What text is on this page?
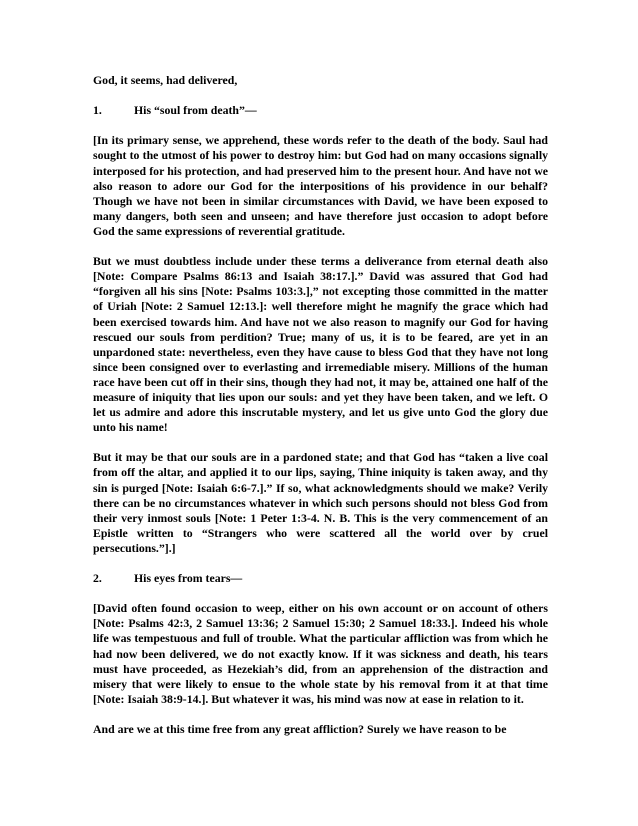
God, it seems, had delivered,

1.	His “soul from death”—

[In its primary sense, we apprehend, these words refer to the death of the body. Saul had sought to the utmost of his power to destroy him: but God had on many occasions signally interposed for his protection, and had preserved him to the present hour. And have not we also reason to adore our God for the interpositions of his providence in our behalf? Though we have not been in similar circumstances with David, we have been exposed to many dangers, both seen and unseen; and have therefore just occasion to adopt before God the same expressions of reverential gratitude.

But we must doubtless include under these terms a deliverance from eternal death also [Note: Compare Psalms 86:13 and Isaiah 38:17.].” David was assured that God had “forgiven all his sins [Note: Psalms 103:3.],” not excepting those committed in the matter of Uriah [Note: 2 Samuel 12:13.]: well therefore might he magnify the grace which had been exercised towards him. And have not we also reason to magnify our God for having rescued our souls from perdition? True; many of us, it is to be feared, are yet in an unpardoned state: nevertheless, even they have cause to bless God that they have not long since been consigned over to everlasting and irremediable misery. Millions of the human race have been cut off in their sins, though they had not, it may be, attained one half of the measure of iniquity that lies upon our souls: and yet they have been taken, and we left. O let us admire and adore this inscrutable mystery, and let us give unto God the glory due unto his name!

But it may be that our souls are in a pardoned state; and that God has “taken a live coal from off the altar, and applied it to our lips, saying, Thine iniquity is taken away, and thy sin is purged [Note: Isaiah 6:6-7.].” If so, what acknowledgments should we make? Verily there can be no circumstances whatever in which such persons should not bless God from their very inmost souls [Note: 1 Peter 1:3-4. N. B. This is the very commencement of an Epistle written to “Strangers who were scattered all the world over by cruel persecutions.”].]

2.	His eyes from tears—

[David often found occasion to weep, either on his own account or on account of others [Note: Psalms 42:3, 2 Samuel 13:36; 2 Samuel 15:30; 2 Samuel 18:33.]. Indeed his whole life was tempestuous and full of trouble. What the particular affliction was from which he had now been delivered, we do not exactly know. If it was sickness and death, his tears must have proceeded, as Hezekiah’s did, from an apprehension of the distraction and misery that were likely to ensue to the whole state by his removal from it at that time [Note: Isaiah 38:9-14.]. But whatever it was, his mind was now at ease in relation to it.

And are we at this time free from any great affliction? Surely we have reason to be
